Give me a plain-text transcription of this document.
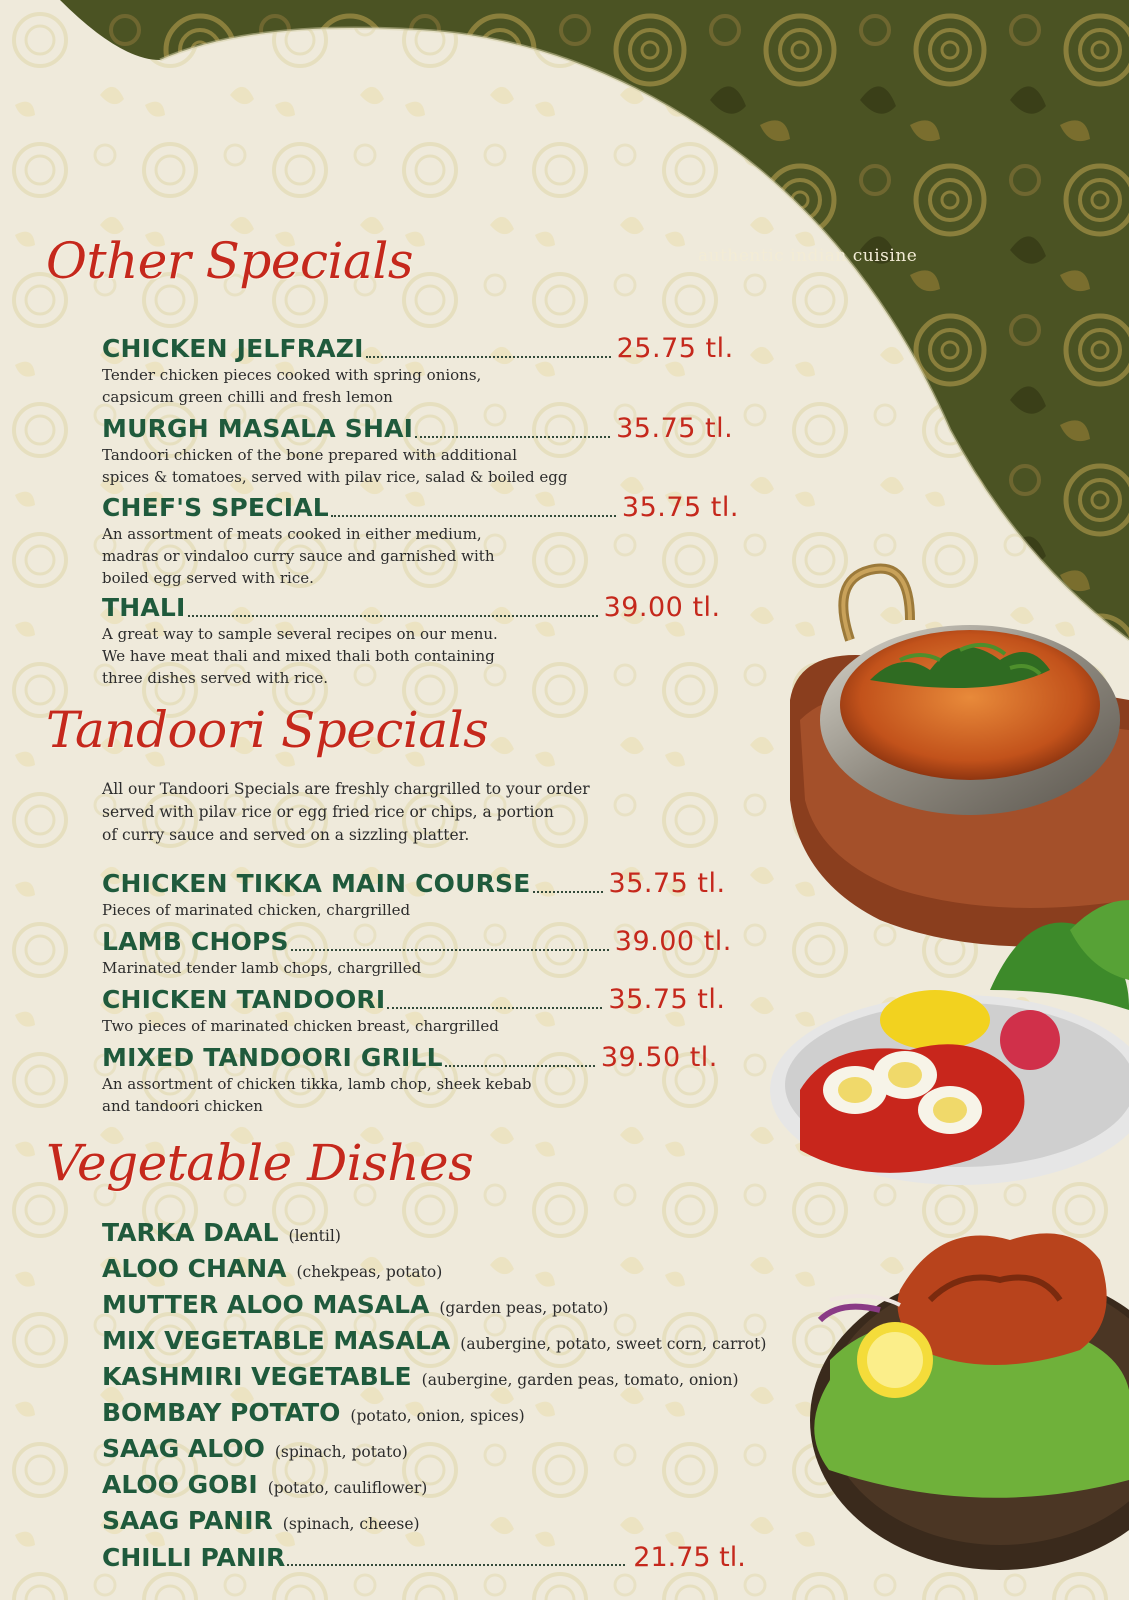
authentic indian cuisine
Other Specials
CHICKEN JELFRAZI	25.75 tl.
Tender chicken pieces cooked with spring onions,
capsicum green chilli and fresh lemon
MURGH MASALA SHAI	35.75 tl.
Tandoori chicken of the bone prepared with additional
spices & tomatoes, served with pilav rice, salad & boiled egg
CHEF'S SPECIAL	35.75 tl.
An assortment of meats cooked in either medium,
madras or vindaloo curry sauce and garnished with
boiled egg served with rice.
THALI	39.00 tl.
A great way to sample several recipes on our menu.
We have meat thali and mixed thali both containing
three dishes served with rice.
Tandoori Specials
All our Tandoori Specials are freshly chargrilled to your order
served with pilav rice or egg fried rice or chips, a portion
of curry sauce and served on a sizzling platter.
CHICKEN TIKKA MAIN COURSE	35.75 tl.
Pieces of marinated chicken, chargrilled
LAMB CHOPS	39.00 tl.
Marinated tender lamb chops, chargrilled
CHICKEN TANDOORI	35.75 tl.
Two pieces of marinated chicken breast, chargrilled
MIXED TANDOORI GRILL	39.50 tl.
An assortment of chicken tikka, lamb chop, sheek kebab
and tandoori chicken
Vegetable Dishes
TARKA DAAL (lentil)
ALOO CHANA (chekpeas, potato)
MUTTER ALOO MASALA (garden peas, potato)
MIX VEGETABLE MASALA (aubergine, potato, sweet corn, carrot)
KASHMIRI VEGETABLE (aubergine, garden peas, tomato, onion)
BOMBAY POTATO (potato, onion, spices)
SAAG ALOO (spinach, potato)
ALOO GOBI (potato, cauliflower)
SAAG PANIR (spinach, cheese)
CHILLI PANIR	21.75 tl.
